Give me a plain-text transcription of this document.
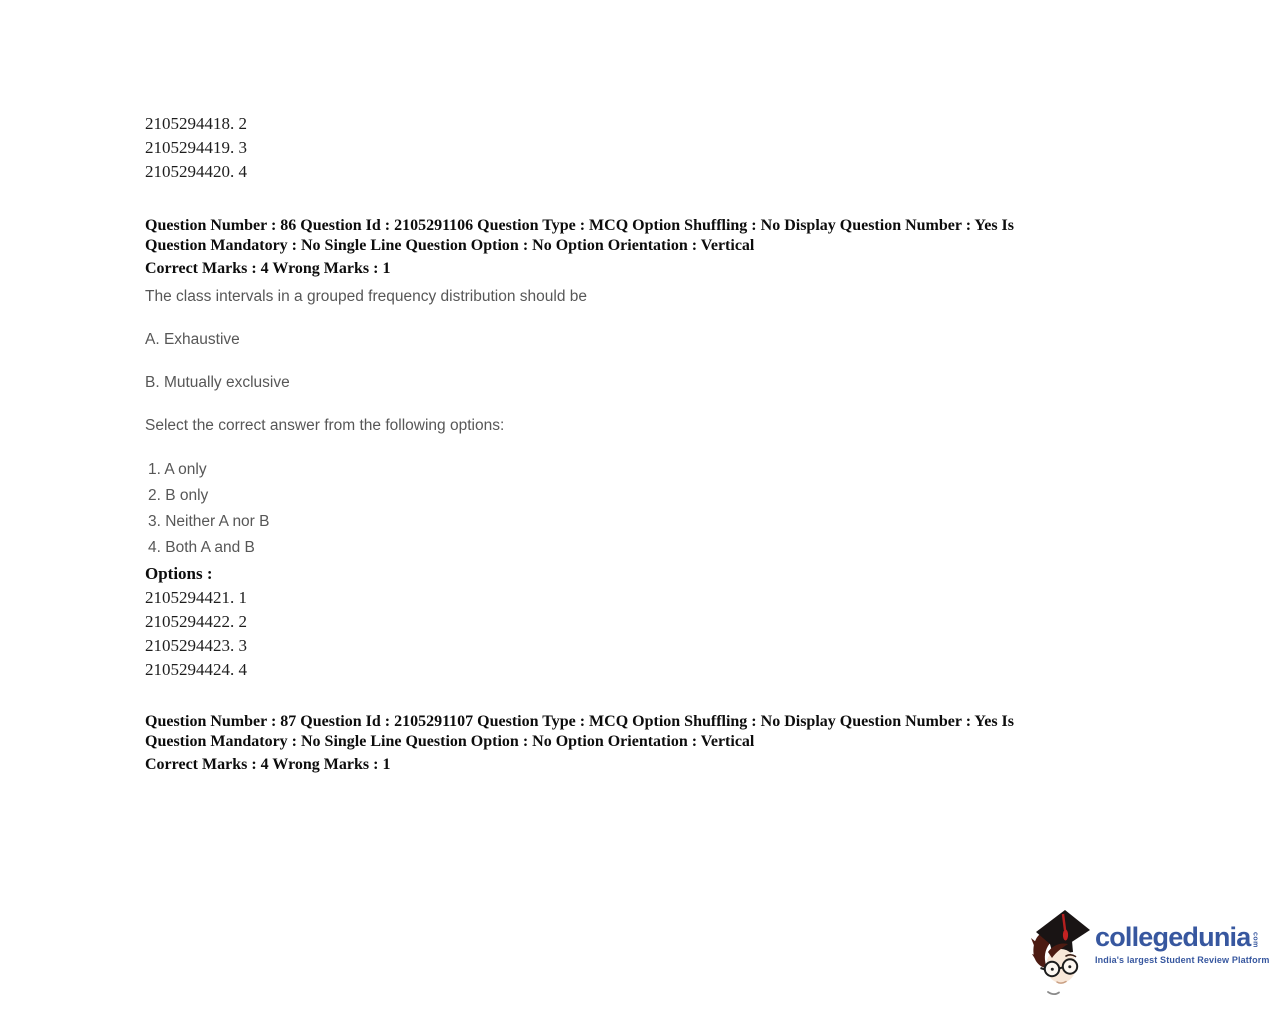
2105294418. 2
2105294419. 3
2105294420. 4
Question Number : 86 Question Id : 2105291106 Question Type : MCQ Option Shuffling : No Display Question Number : Yes Is
Question Mandatory : No Single Line Question Option : No Option Orientation : Vertical
Correct Marks : 4 Wrong Marks : 1
The class intervals in a grouped frequency distribution should be
A. Exhaustive
B. Mutually exclusive
Select the correct answer from the following options:
1. A only
2. B only
3. Neither A nor B
4. Both A and B
Options :
2105294421. 1
2105294422. 2
2105294423. 3
2105294424. 4
Question Number : 87 Question Id : 2105291107 Question Type : MCQ Option Shuffling : No Display Question Number : Yes Is
Question Mandatory : No Single Line Question Option : No Option Orientation : Vertical
Correct Marks : 4 Wrong Marks : 1
collegedunia com
India's largest Student Review Platform
